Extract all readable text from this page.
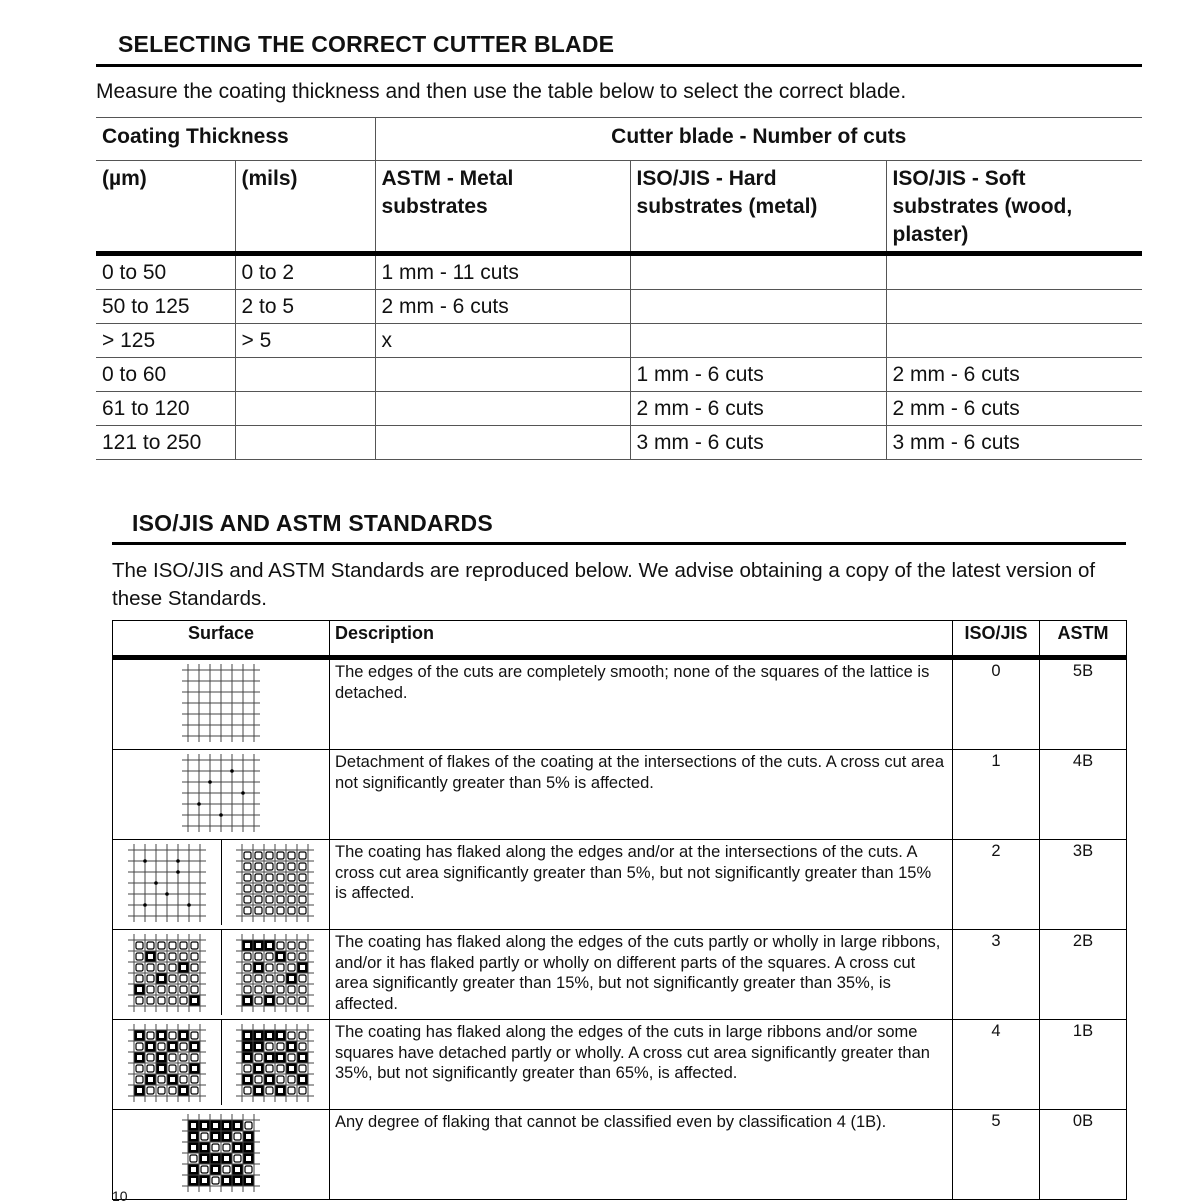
SELECTING THE CORRECT CUTTER BLADE
Measure the coating thickness and then use the table below to select the correct blade.
Coating Thickness		Cutter blade - Number of cuts		
(µm)	(mils)	ASTM - Metal substrates	ISO/JIS - Hard substrates (metal)	ISO/JIS - Soft substrates (wood, plaster)
0 to 50	0 to 2	1 mm - 11 cuts		
50 to 125	2 to 5	2 mm - 6 cuts		
> 125	> 5	x		
0 to 60			1 mm - 6 cuts	2 mm - 6 cuts
61 to 120			2 mm - 6 cuts	2 mm - 6 cuts
121 to 250			3 mm - 6 cuts	3 mm - 6 cuts
ISO/JIS AND ASTM STANDARDS
The ISO/JIS and ASTM Standards are reproduced below. We advise obtaining a copy of the latest version of these Standards.
Surface	Description	ISO/JIS	ASTM

	The edges of the cuts are completely smooth; none of the squares of the lattice is detached.	0	5B

	Detachment of flakes of the coating at the intersections of the cuts. A cross cut area not significantly greater than 5% is affected.	1	4B

	The coating has flaked along the edges and/or at the intersections of the cuts. A cross cut area significantly greater than 5%, but not significantly greater than 15% is affected.	2	3B

	The coating has flaked along the edges of the cuts partly or wholly in large ribbons, and/or it has flaked partly or wholly on different parts of the squares. A cross cut area significantly greater than 15%, but not significantly greater than 35%, is affected.	3	2B

	The coating has flaked along the edges of the cuts in large ribbons and/or some squares have detached partly or wholly. A cross cut area significantly greater than 35%, but not significantly greater than 65%, is affected.	4	1B

	Any degree of flaking that cannot be classified even by classification 4 (1B).	5	0B
10
